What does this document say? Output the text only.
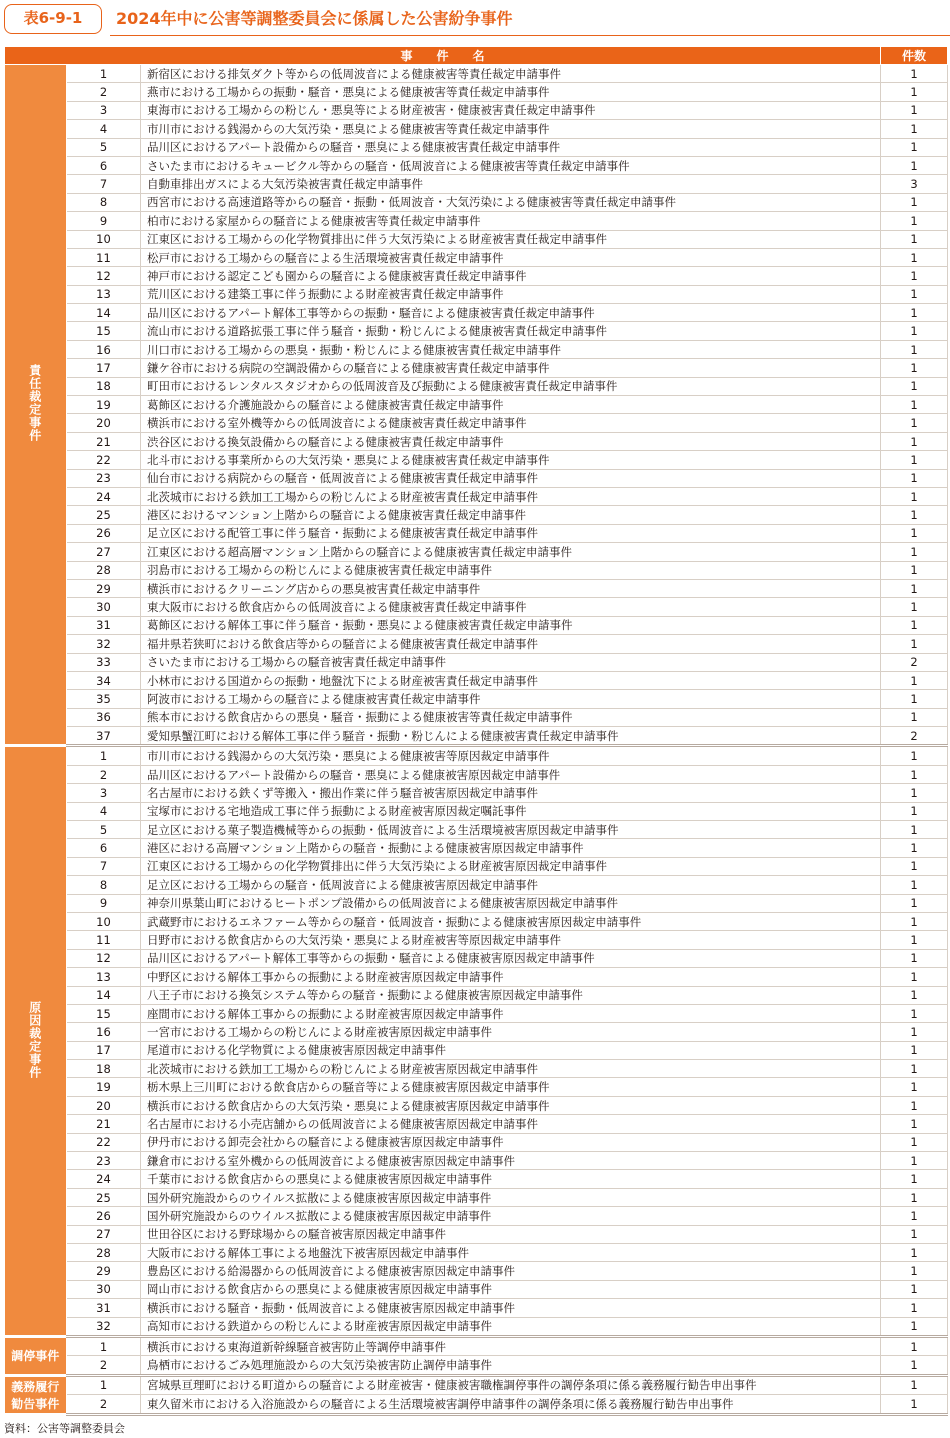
表6-9-1	2024年中に公害等調整委員会に係属した公害紛争事件
事　　件　　名			件数
責任裁定事件	1	新宿区における排気ダクト等からの低周波音による健康被害等責任裁定申請事件	1
	2	燕市における工場からの振動・騒音・悪臭による健康被害等責任裁定申請事件	1
	3	東海市における工場からの粉じん・悪臭等による財産被害・健康被害責任裁定申請事件	1
	4	市川市における銭湯からの大気汚染・悪臭による健康被害等責任裁定申請事件	1
	5	品川区におけるアパート設備からの騒音・悪臭による健康被害責任裁定申請事件	1
	6	さいたま市におけるキュービクル等からの騒音・低周波音による健康被害等責任裁定申請事件	1
	7	自動車排出ガスによる大気汚染被害責任裁定申請事件	3
	8	西宮市における高速道路等からの騒音・振動・低周波音・大気汚染による健康被害等責任裁定申請事件	1
	9	柏市における家屋からの騒音による健康被害等責任裁定申請事件	1
	10	江東区における工場からの化学物質排出に伴う大気汚染による財産被害責任裁定申請事件	1
	11	松戸市における工場からの騒音による生活環境被害責任裁定申請事件	1
	12	神戸市における認定こども園からの騒音による健康被害責任裁定申請事件	1
	13	荒川区における建築工事に伴う振動による財産被害責任裁定申請事件	1
	14	品川区におけるアパート解体工事等からの振動・騒音による健康被害責任裁定申請事件	1
	15	流山市における道路拡張工事に伴う騒音・振動・粉じんによる健康被害責任裁定申請事件	1
	16	川口市における工場からの悪臭・振動・粉じんによる健康被害責任裁定申請事件	1
	17	鎌ケ谷市における病院の空調設備からの騒音による健康被害責任裁定申請事件	1
	18	町田市におけるレンタルスタジオからの低周波音及び振動による健康被害責任裁定申請事件	1
	19	葛飾区における介護施設からの騒音による健康被害責任裁定申請事件	1
	20	横浜市における室外機等からの低周波音による健康被害責任裁定申請事件	1
	21	渋谷区における換気設備からの騒音による健康被害責任裁定申請事件	1
	22	北斗市における事業所からの大気汚染・悪臭による健康被害責任裁定申請事件	1
	23	仙台市における病院からの騒音・低周波音による健康被害責任裁定申請事件	1
	24	北茨城市における鉄加工工場からの粉じんによる財産被害責任裁定申請事件	1
	25	港区におけるマンション上階からの騒音による健康被害責任裁定申請事件	1
	26	足立区における配管工事に伴う騒音・振動による健康被害責任裁定申請事件	1
	27	江東区における超高層マンション上階からの騒音による健康被害責任裁定申請事件	1
	28	羽島市における工場からの粉じんによる健康被害責任裁定申請事件	1
	29	横浜市におけるクリーニング店からの悪臭被害責任裁定申請事件	1
	30	東大阪市における飲食店からの低周波音による健康被害責任裁定申請事件	1
	31	葛飾区における解体工事に伴う騒音・振動・悪臭による健康被害責任裁定申請事件	1
	32	福井県若狭町における飲食店等からの騒音による健康被害責任裁定申請事件	1
	33	さいたま市における工場からの騒音被害責任裁定申請事件	2
	34	小林市における国道からの振動・地盤沈下による財産被害責任裁定申請事件	1
	35	阿波市における工場からの騒音による健康被害責任裁定申請事件	1
	36	熊本市における飲食店からの悪臭・騒音・振動による健康被害等責任裁定申請事件	1
	37	愛知県蟹江町における解体工事に伴う騒音・振動・粉じんによる健康被害責任裁定申請事件	2
原因裁定事件	1	市川市における銭湯からの大気汚染・悪臭による健康被害等原因裁定申請事件	1
	2	品川区におけるアパート設備からの騒音・悪臭による健康被害原因裁定申請事件	1
	3	名古屋市における鉄くず等搬入・搬出作業に伴う騒音被害原因裁定申請事件	1
	4	宝塚市における宅地造成工事に伴う振動による財産被害原因裁定嘱託事件	1
	5	足立区における菓子製造機械等からの振動・低周波音による生活環境被害原因裁定申請事件	1
	6	港区における高層マンション上階からの騒音・振動による健康被害原因裁定申請事件	1
	7	江東区における工場からの化学物質排出に伴う大気汚染による財産被害原因裁定申請事件	1
	8	足立区における工場からの騒音・低周波音による健康被害原因裁定申請事件	1
	9	神奈川県葉山町におけるヒートポンプ設備からの低周波音による健康被害原因裁定申請事件	1
	10	武蔵野市におけるエネファーム等からの騒音・低周波音・振動による健康被害原因裁定申請事件	1
	11	日野市における飲食店からの大気汚染・悪臭による財産被害等原因裁定申請事件	1
	12	品川区におけるアパート解体工事等からの振動・騒音による健康被害原因裁定申請事件	1
	13	中野区における解体工事からの振動による財産被害原因裁定申請事件	1
	14	八王子市における換気システム等からの騒音・振動による健康被害原因裁定申請事件	1
	15	座間市における解体工事からの振動による財産被害原因裁定申請事件	1
	16	一宮市における工場からの粉じんによる財産被害原因裁定申請事件	1
	17	尾道市における化学物質による健康被害原因裁定申請事件	1
	18	北茨城市における鉄加工工場からの粉じんによる財産被害原因裁定申請事件	1
	19	栃木県上三川町における飲食店からの騒音等による健康被害原因裁定申請事件	1
	20	横浜市における飲食店からの大気汚染・悪臭による健康被害原因裁定申請事件	1
	21	名古屋市における小売店舗からの低周波音による健康被害原因裁定申請事件	1
	22	伊丹市における卸売会社からの騒音による健康被害原因裁定申請事件	1
	23	鎌倉市における室外機からの低周波音による健康被害原因裁定申請事件	1
	24	千葉市における飲食店からの悪臭による健康被害原因裁定申請事件	1
	25	国外研究施設からのウイルス拡散による健康被害原因裁定申請事件	1
	26	国外研究施設からのウイルス拡散による健康被害原因裁定申請事件	1
	27	世田谷区における野球場からの騒音被害原因裁定申請事件	1
	28	大阪市における解体工事による地盤沈下被害原因裁定申請事件	1
	29	豊島区における給湯器からの低周波音による健康被害原因裁定申請事件	1
	30	岡山市における飲食店からの悪臭による健康被害原因裁定申請事件	1
	31	横浜市における騒音・振動・低周波音による健康被害原因裁定申請事件	1
	32	高知市における鉄道からの粉じんによる財産被害原因裁定申請事件	1
調停事件	1	横浜市における東海道新幹線騒音被害防止等調停申請事件	1
	2	鳥栖市におけるごみ処理施設からの大気汚染被害防止調停申請事件	1

義務履行
勧告事件	1	宮城県亘理町における町道からの騒音による財産被害・健康被害職権調停事件の調停条項に係る義務履行勧告申出事件	1
	2	東久留米市における入浴施設からの騒音による生活環境被害調停申請事件の調停条項に係る義務履行勧告申出事件	1
資料：公害等調整委員会
